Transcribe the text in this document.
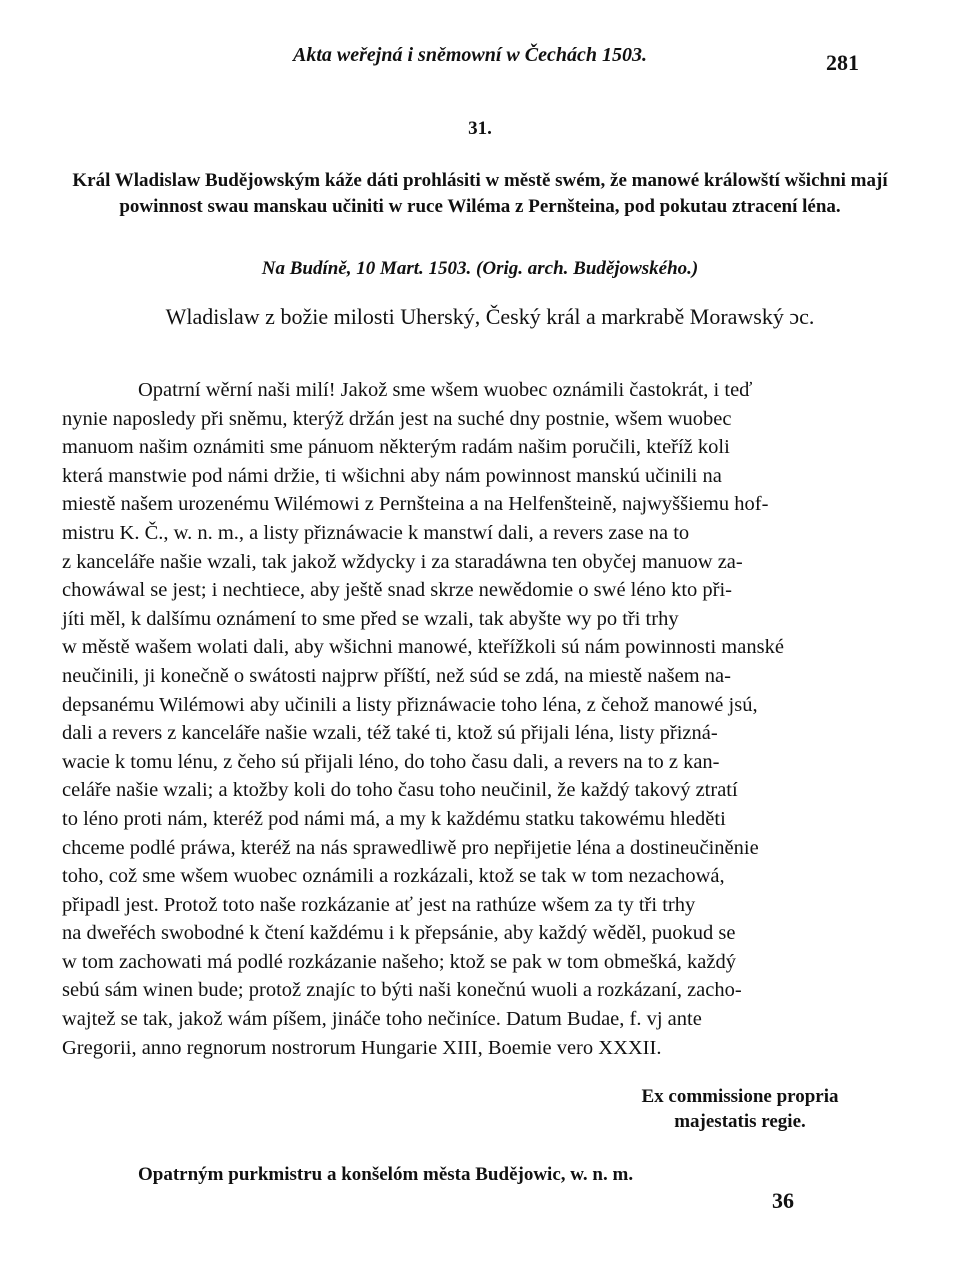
Akta weřejná i sněmowní w Čechách 1503.	281
31.
Král Wladislaw Budějowským káže dáti prohlásiti w městě swém, že manowé králowští wšichni mají powinnost swau manskau učiniti w ruce Wiléma z Pernšteina, pod pokutau ztracení léna.
Na Budíně, 10 Mart. 1503. (Orig. arch. Budějowského.)
Wladislaw z božie milosti Uherský, Český král a markrabě Morawský ɔc.
Opatrní wěrní naši milí! Jakož sme wšem wuobec oznámili častokrát, i teď
nynie naposledy při sněmu, kterýž držán jest na suché dny postnie, wšem wuobec
manuom našim oznámiti sme pánuom některým radám našim poručili, kteříž koli
která manstwie pod námi držie, ti wšichni aby nám powinnost manskú učinili na
miestě našem urozenému Wilémowi z Pernšteina a na Helfenšteině, najwyššiemu hof-
mistru K. Č., w. n. m., a listy přiznáwacie k manstwí dali, a revers zase na to
z kanceláře našie wzali, tak jakož wždycky i za staradáwna ten obyčej manuow za-
chowáwal se jest; i nechtiece, aby ještě snad skrze newědomie o swé léno kto při-
jíti měl, k dalšímu oznámení to sme před se wzali, tak abyšte wy po tři trhy
w městě wašem wolati dali, aby wšichni manowé, kteřížkoli sú nám powinnosti manské
neučinili, ji konečně o swátosti najprw příští, než súd se zdá, na miestě našem na-
depsanému Wilémowi aby učinili a listy přiznáwacie toho léna, z čehož manowé jsú,
dali a revers z kanceláře našie wzali, též také ti, ktož sú přijali léna, listy přizná-
wacie k tomu lénu, z čeho sú přijali léno, do toho času dali, a revers na to z kan-
celáře našie wzali; a ktožby koli do toho času toho neučinil, že každý takový ztratí
to léno proti nám, kteréž pod námi má, a my k každému statku takowému hleděti
chceme podlé práwa, kteréž na nás sprawedliwě pro nepřijetie léna a dostineučiněnie
toho, což sme wšem wuobec oznámili a rozkázali, ktož se tak w tom nezachowá,
připadl jest. Protož toto naše rozkázanie ať jest na rathúze wšem za ty tři trhy
na dweřéch swobodné k čtení každému i k přepsánie, aby každý wěděl, puokud se
w tom zachowati má podlé rozkázanie našeho; ktož se pak w tom obmešká, každý
sebú sám winen bude; protož znajíc to býti naši konečnú wuoli a rozkázaní, zacho-
wajtež se tak, jakož wám píšem, jináče toho nečiníce. Datum Budae, f. vj ante
Gregorii, anno regnorum nostrorum Hungarie XIII, Boemie vero XXXII.
Ex commissione propria
majestatis regie.
Opatrným purkmistru a konšelóm města Budějowic, w. n. m.
36
